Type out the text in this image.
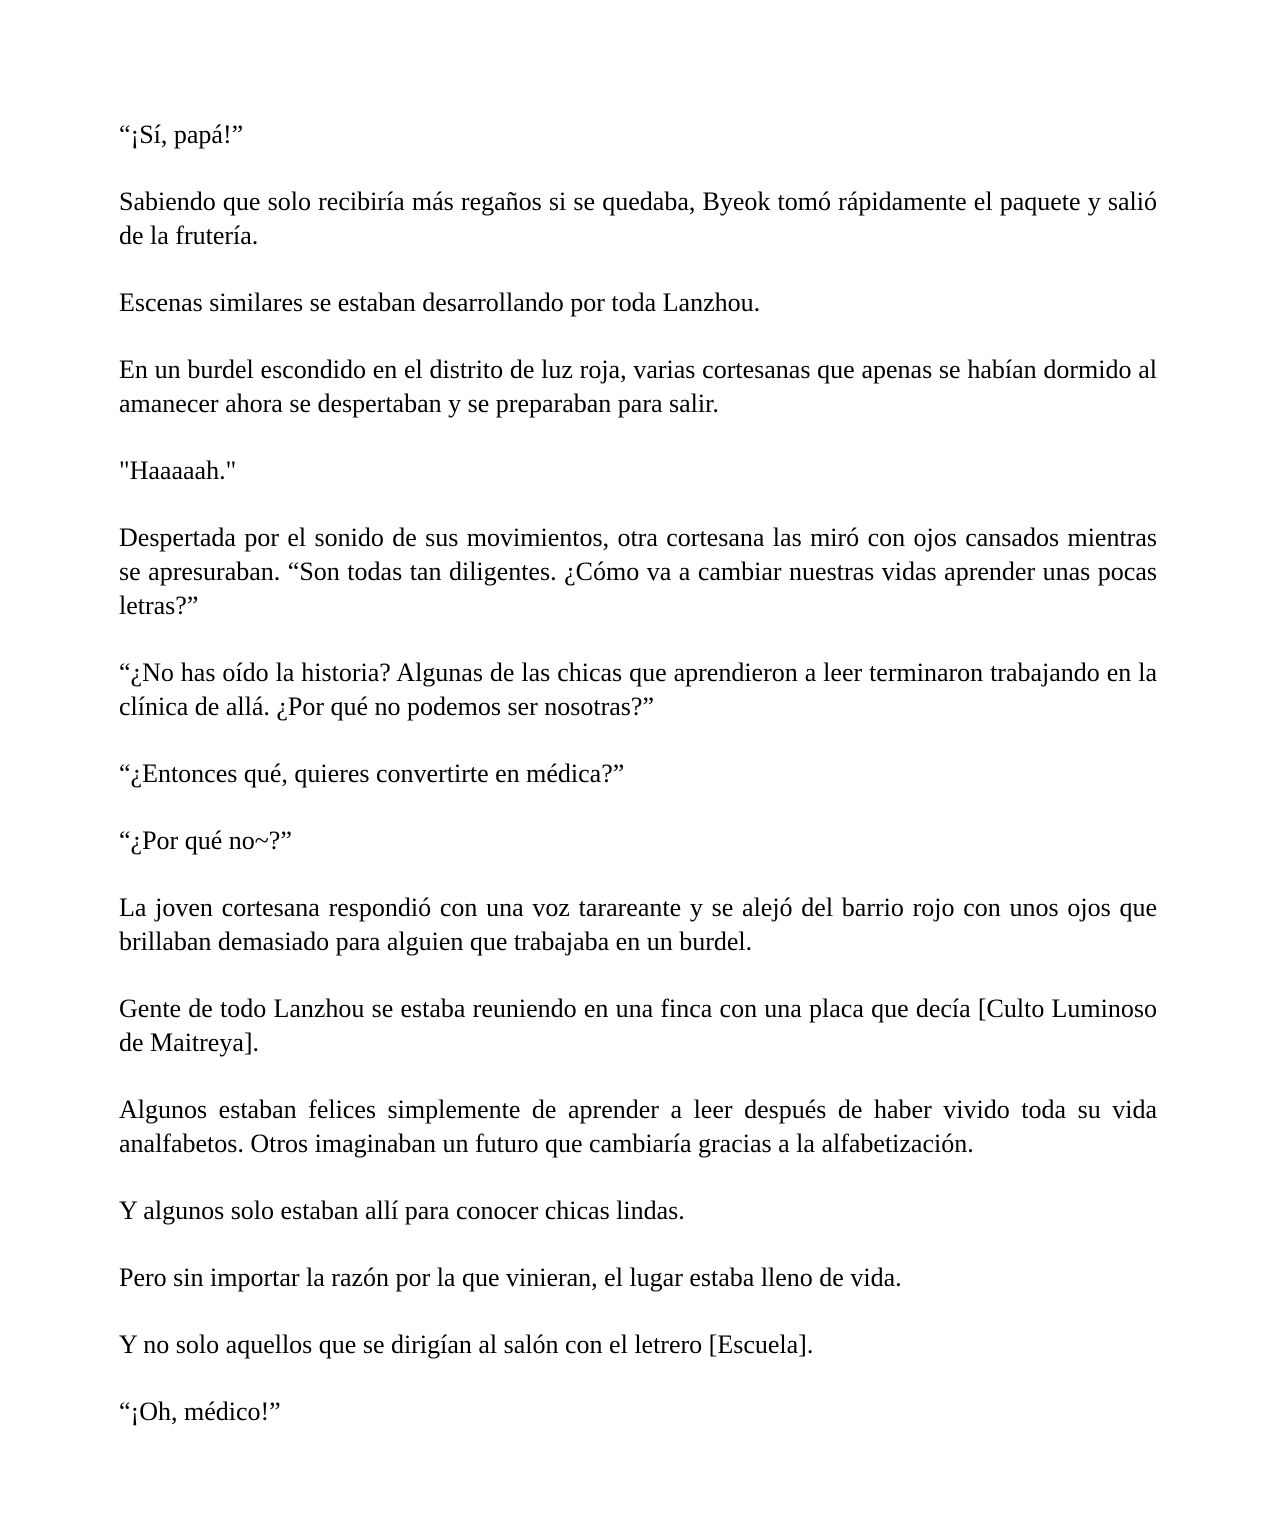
“¡Sí, papá!”

Sabiendo que solo recibiría más regaños si se quedaba, Byeok tomó rápidamente el paquete y salió de la frutería.

Escenas similares se estaban desarrollando por toda Lanzhou.

En un burdel escondido en el distrito de luz roja, varias cortesanas que apenas se habían dormido al amanecer ahora se despertaban y se preparaban para salir.

"Haaaaah."

Despertada por el sonido de sus movimientos, otra cortesana las miró con ojos cansados mientras se apresuraban. “Son todas tan diligentes. ¿Cómo va a cambiar nuestras vidas aprender unas pocas letras?”

“¿No has oído la historia? Algunas de las chicas que aprendieron a leer terminaron trabajando en la clínica de allá. ¿Por qué no podemos ser nosotras?”

“¿Entonces qué, quieres convertirte en médica?”

“¿Por qué no~?”

La joven cortesana respondió con una voz tarareante y se alejó del barrio rojo con unos ojos que brillaban demasiado para alguien que trabajaba en un burdel.

Gente de todo Lanzhou se estaba reuniendo en una finca con una placa que decía [Culto Luminoso de Maitreya].

Algunos estaban felices simplemente de aprender a leer después de haber vivido toda su vida analfabetos. Otros imaginaban un futuro que cambiaría gracias a la alfabetización.

Y algunos solo estaban allí para conocer chicas lindas.

Pero sin importar la razón por la que vinieran, el lugar estaba lleno de vida.

Y no solo aquellos que se dirigían al salón con el letrero [Escuela].

“¡Oh, médico!”
